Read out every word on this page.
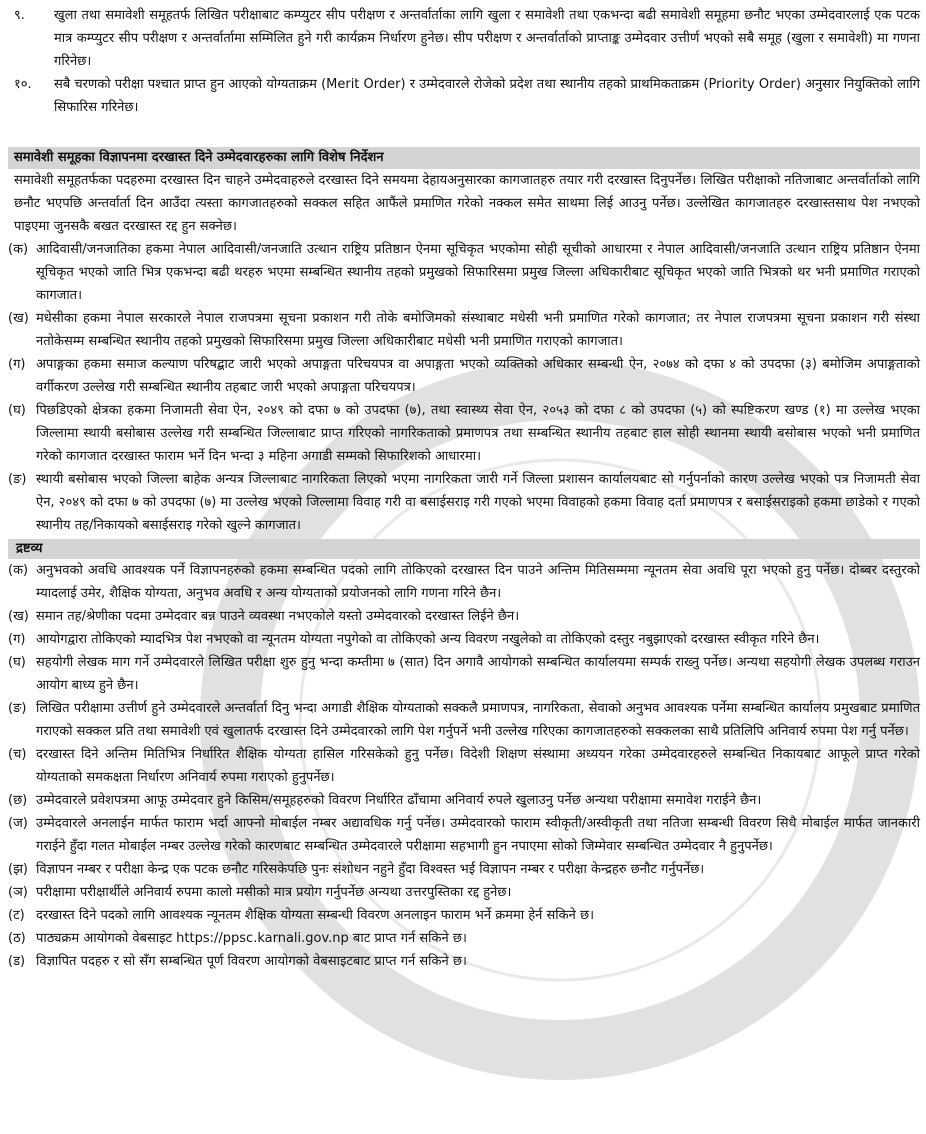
९.	खुला तथा समावेशी समूहतर्फ लिखित परीक्षाबाट कम्प्युटर सीप परीक्षण र अन्तर्वार्ताका लागि खुला र समावेशी तथा एकभन्दा बढी समावेशी समूहमा छनौट भएका उम्मेदवारलाई एक पटक मात्र कम्प्युटर सीप परीक्षण र अन्तर्वार्तामा सम्मिलित हुने गरी कार्यक्रम निर्धारण हुनेछ। सीप परीक्षण र अन्तर्वार्ताको प्राप्ताङ्क उम्मेदवार उत्तीर्ण भएको सबै समूह (खुला र समावेशी) मा गणना गरिनेछ।
१०.	सबै चरणको परीक्षा पश्चात प्राप्त हुन आएको योग्यताक्रम (Merit Order) र उम्मेदवारले रोजेको प्रदेश तथा स्थानीय तहको प्राथमिकताक्रम (Priority Order) अनुसार नियुक्तिको लागि सिफारिस गरिनेछ।
समावेशी समूहका विज्ञापनमा दरखास्त दिने उम्मेदवारहरुका लागि विशेष निर्देशन
समावेशी समूहतर्फका पदहरुमा दरखास्त दिन चाहने उम्मेदवाहरुले दरखास्त दिने समयमा देहायअनुसारका कागजातहरु तयार गरी दरखास्त दिनुपर्नेछ। लिखित परीक्षाको नतिजाबाट अन्तर्वार्ताको लागि छनौट भएपछि अन्तर्वार्ता दिन आउँदा त्यस्ता कागजातहरुको सक्कल सहित आफैंले प्रमाणित गरेको नक्कल समेत साथमा लिई आउनु पर्नेछ। उल्लेखित कागजातहरु दरखास्तसाथ पेश नभएको पाइएमा जुनसकै बखत दरखास्त रद्द हुन सक्नेछ।
(क) आदिवासी/जनजातिका हकमा नेपाल आदिवासी/जनजाति उत्थान राष्ट्रिय प्रतिष्ठान ऐनमा सूचिकृत भएकोमा सोही सूचीको आधारमा र नेपाल आदिवासी/जनजाति उत्थान राष्ट्रिय प्रतिष्ठान ऐनमा सूचिकृत भएको जाति भित्र एकभन्दा बढी थरहरु भएमा सम्बन्धित स्थानीय तहको प्रमुखको सिफारिसमा प्रमुख जिल्ला अधिकारीबाट सूचिकृत भएको जाति भित्रको थर भनी प्रमाणित गराएको कागजात।
(ख) मधेसीका हकमा नेपाल सरकारले नेपाल राजपत्रमा सूचना प्रकाशन गरी तोके बमोजिमको संस्थाबाट मधेसी भनी प्रमाणित गरेको कागजात; तर नेपाल राजपत्रमा सूचना प्रकाशन गरी संस्था नतोकेसम्म सम्बन्धित स्थानीय तहको प्रमुखको सिफारिसमा प्रमुख जिल्ला अधिकारीबाट मधेसी भनी प्रमाणित गराएको कागजात।
(ग) अपाङ्गका हकमा समाज कल्याण परिषद्बाट जारी भएको अपाङ्गता परिचयपत्र वा अपाङ्गता भएको व्यक्तिको अधिकार सम्बन्धी ऐन, २०७४ को दफा ४ को उपदफा (३) बमोजिम अपाङ्गताको वर्गीकरण उल्लेख गरी सम्बन्धित स्थानीय तहबाट जारी भएको अपाङ्गता परिचयपत्र।
(घ) पिछडिएको क्षेत्रका हकमा निजामती सेवा ऐन, २०४९ को दफा ७ को उपदफा (७), तथा स्वास्थ्य सेवा ऐन, २०५३ को दफा ८ को उपदफा (५) को स्पष्टिकरण खण्ड (१) मा उल्लेख भएका जिल्लामा स्थायी बसोबास उल्लेख गरी सम्बन्धित जिल्लाबाट प्राप्त गरिएको नागरिकताको प्रमाणपत्र तथा सम्बन्धित स्थानीय तहबाट हाल सोही स्थानमा स्थायी बसोबास भएको भनी प्रमाणित गरेको कागजात दरखास्त फाराम भर्ने दिन भन्दा ३ महिना अगाडी सम्मको सिफारिशको आधारमा।
(ङ) स्थायी बसोबास भएको जिल्ला बाहेक अन्यत्र जिल्लाबाट नागरिकता लिएको भएमा नागरिकता जारी गर्ने जिल्ला प्रशासन कार्यालयबाट सो गर्नुपर्नाको कारण उल्लेख भएको पत्र निजामती सेवा ऐन, २०४९ को दफा ७ को उपदफा (७) मा उल्लेख भएको जिल्लामा विवाह गरी वा बसाईसराइ गरी गएको भएमा विवाहको हकमा विवाह दर्ता प्रमाणपत्र र बसाईसराइको हकमा छाडेको र गएको स्थानीय तह/निकायको बसाईसराइ गरेको खुल्ने कागजात।
द्रष्टव्य
(क) अनुभवको अवधि आवश्यक पर्ने विज्ञापनहरुको हकमा सम्बन्धित पदको लागि तोकिएको दरखास्त दिन पाउने अन्तिम मितिसम्ममा न्यूनतम सेवा अवधि पूरा भएको हुनु पर्नेछ। दोब्बर दस्तुरको म्यादलाई उमेर, शैक्षिक योग्यता, अनुभव अवधि र अन्य योग्यताको प्रयोजनको लागि गणना गरिने छैन।
(ख) समान तह/श्रेणीका पदमा उम्मेदवार बन्न पाउने व्यवस्था नभएकोले यस्तो उम्मेदवारको दरखास्त लिईने छैन।
(ग) आयोगद्वारा तोकिएको म्यादभित्र पेश नभएको वा न्यूनतम योग्यता नपुगेको वा तोकिएको अन्य विवरण नखुलेको वा तोकिएको दस्तुर नबुझाएको दरखास्त स्वीकृत गरिने छैन।
(घ) सहयोगी लेखक माग गर्ने उम्मेदवारले लिखित परीक्षा शुरु हुनु भन्दा कम्तीमा ७ (सात) दिन अगावै आयोगको सम्बन्धित कार्यालयमा सम्पर्क राख्नु पर्नेछ। अन्यथा सहयोगी लेखक उपलब्ध गराउन आयोग बाध्य हुने छैन।
(ङ) लिखित परीक्षामा उत्तीर्ण हुने उम्मेदवारले अन्तर्वार्ता दिनु भन्दा अगाडी शैक्षिक योग्यताको सक्कलै प्रमाणपत्र, नागरिकता, सेवाको अनुभव आवश्यक पर्नेमा सम्बन्धित कार्यालय प्रमुखबाट प्रमाणित गराएको सक्कल प्रति तथा समावेशी एवं खुलातर्फ दरखास्त दिने उम्मेदवारको लागि पेश गर्नुपर्ने भनी उल्लेख गरिएका कागजातहरुको सक्कलका साथै प्रतिलिपि अनिवार्य रुपमा पेश गर्नु पर्नेछ।
(च) दरखास्त दिने अन्तिम मितिभित्र निर्धारित शैक्षिक योग्यता हासिल गरिसकेको हुनु पर्नेछ। विदेशी शिक्षण संस्थामा अध्ययन गरेका उम्मेदवारहरुले सम्बन्धित निकायबाट आफूले प्राप्त गरेको योग्यताको समकक्षता निर्धारण अनिवार्य रुपमा गराएको हुनुपर्नेछ।
(छ) उम्मेदवारले प्रवेशपत्रमा आफू उम्मेदवार हुने किसिम/समूहहरुको विवरण निर्धारित ढाँचामा अनिवार्य रुपले खुलाउनु पर्नेछ अन्यथा परीक्षामा समावेश गराईने छैन।
(ज) उम्मेदवारले अनलाईन मार्फत फाराम भर्दा आफ्नो मोबाईल नम्बर अद्यावधिक गर्नु पर्नेछ। उम्मेदवारको फाराम स्वीकृती/अस्वीकृती तथा नतिजा सम्बन्धी विवरण सिधै मोबाईल मार्फत जानकारी गराईने हुँदा गलत मोबाईल नम्बर उल्लेख गरेको कारणबाट सम्बन्धित उम्मेदवारले परीक्षामा सहभागी हुन नपाएमा सोको जिम्मेवार सम्बन्धित उम्मेदवार नै हुनुपर्नेछ।
(झ) विज्ञापन नम्बर र परीक्षा केन्द्र एक पटक छनौट गरिसकेपछि पुनः संशोधन नहुने हुँदा विश्वस्त भई विज्ञापन नम्बर र परीक्षा केन्द्रहरु छनौट गर्नुपर्नेछ।
(ञ) परीक्षामा परीक्षार्थीले अनिवार्य रुपमा कालो मसीको मात्र प्रयोग गर्नुपर्नेछ अन्यथा उत्तरपुस्तिका रद्द हुनेछ।
(ट) दरखास्त दिने पदको लागि आवश्यक न्यूनतम शैक्षिक योग्यता सम्बन्धी विवरण अनलाइन फाराम भर्ने क्रममा हेर्न सकिने छ।
(ठ) पाठ्यक्रम आयोगको वेबसाइट https://ppsc.karnali.gov.np बाट प्राप्त गर्न सकिने छ।
(ड) विज्ञापित पदहरु र सो सँग सम्बन्धित पूर्ण विवरण आयोगको वेबसाइटबाट प्राप्त गर्न सकिने छ।
